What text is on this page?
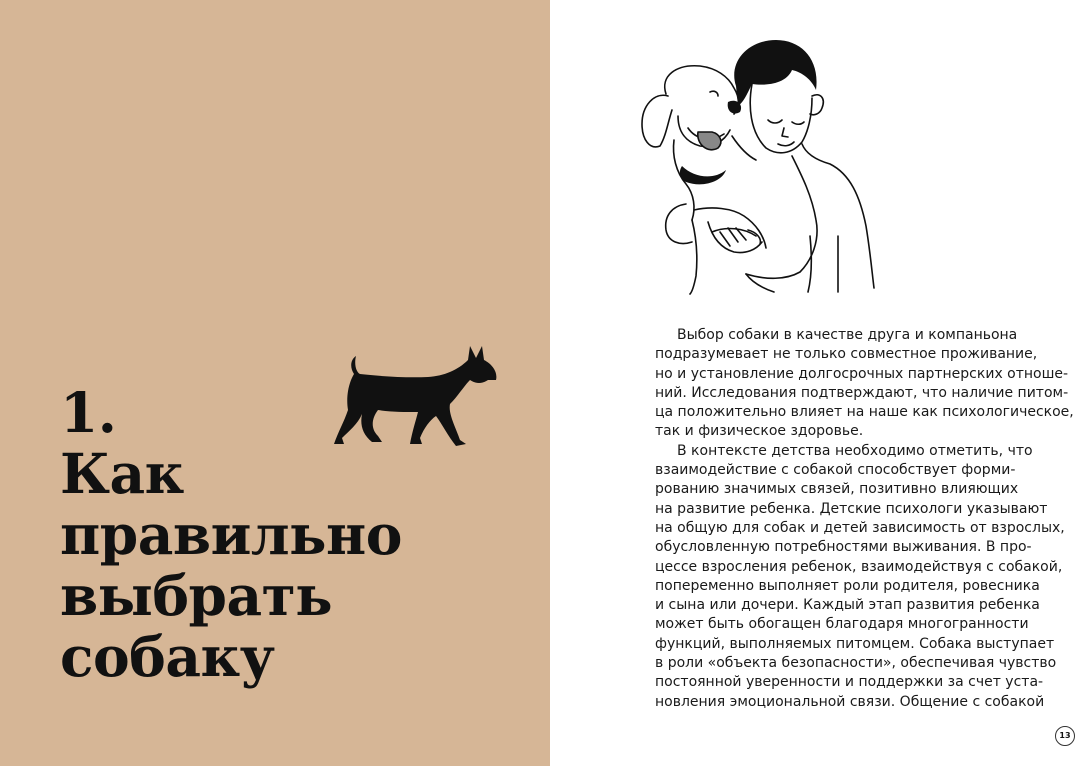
1.
Как
правильно
выбрать
собаку
Выбор собаки в качестве друга и компаньона
подразумевает не только совместное проживание,
но и установление долгосрочных партнерских отноше-
ний. Исследования подтверждают, что наличие питом-
ца положительно влияет на наше как психологическое,
так и физическое здоровье.
В контексте детства необходимо отметить, что
взаимодействие с собакой способствует форми-
рованию значимых связей, позитивно влияющих
на развитие ребенка. Детские психологи указывают
на общую для собак и детей зависимость от взрослых,
обусловленную потребностями выживания. В про-
цессе взросления ребенок, взаимодействуя с собакой,
попеременно выполняет роли родителя, ровесника
и сына или дочери. Каждый этап развития ребенка
может быть обогащен благодаря многогранности
функций, выполняемых питомцем. Собака выступает
в роли «объекта безопасности», обеспечивая чувство
постоянной уверенности и поддержки за счет уста-
новления эмоциональной связи. Общение с собакой
13
